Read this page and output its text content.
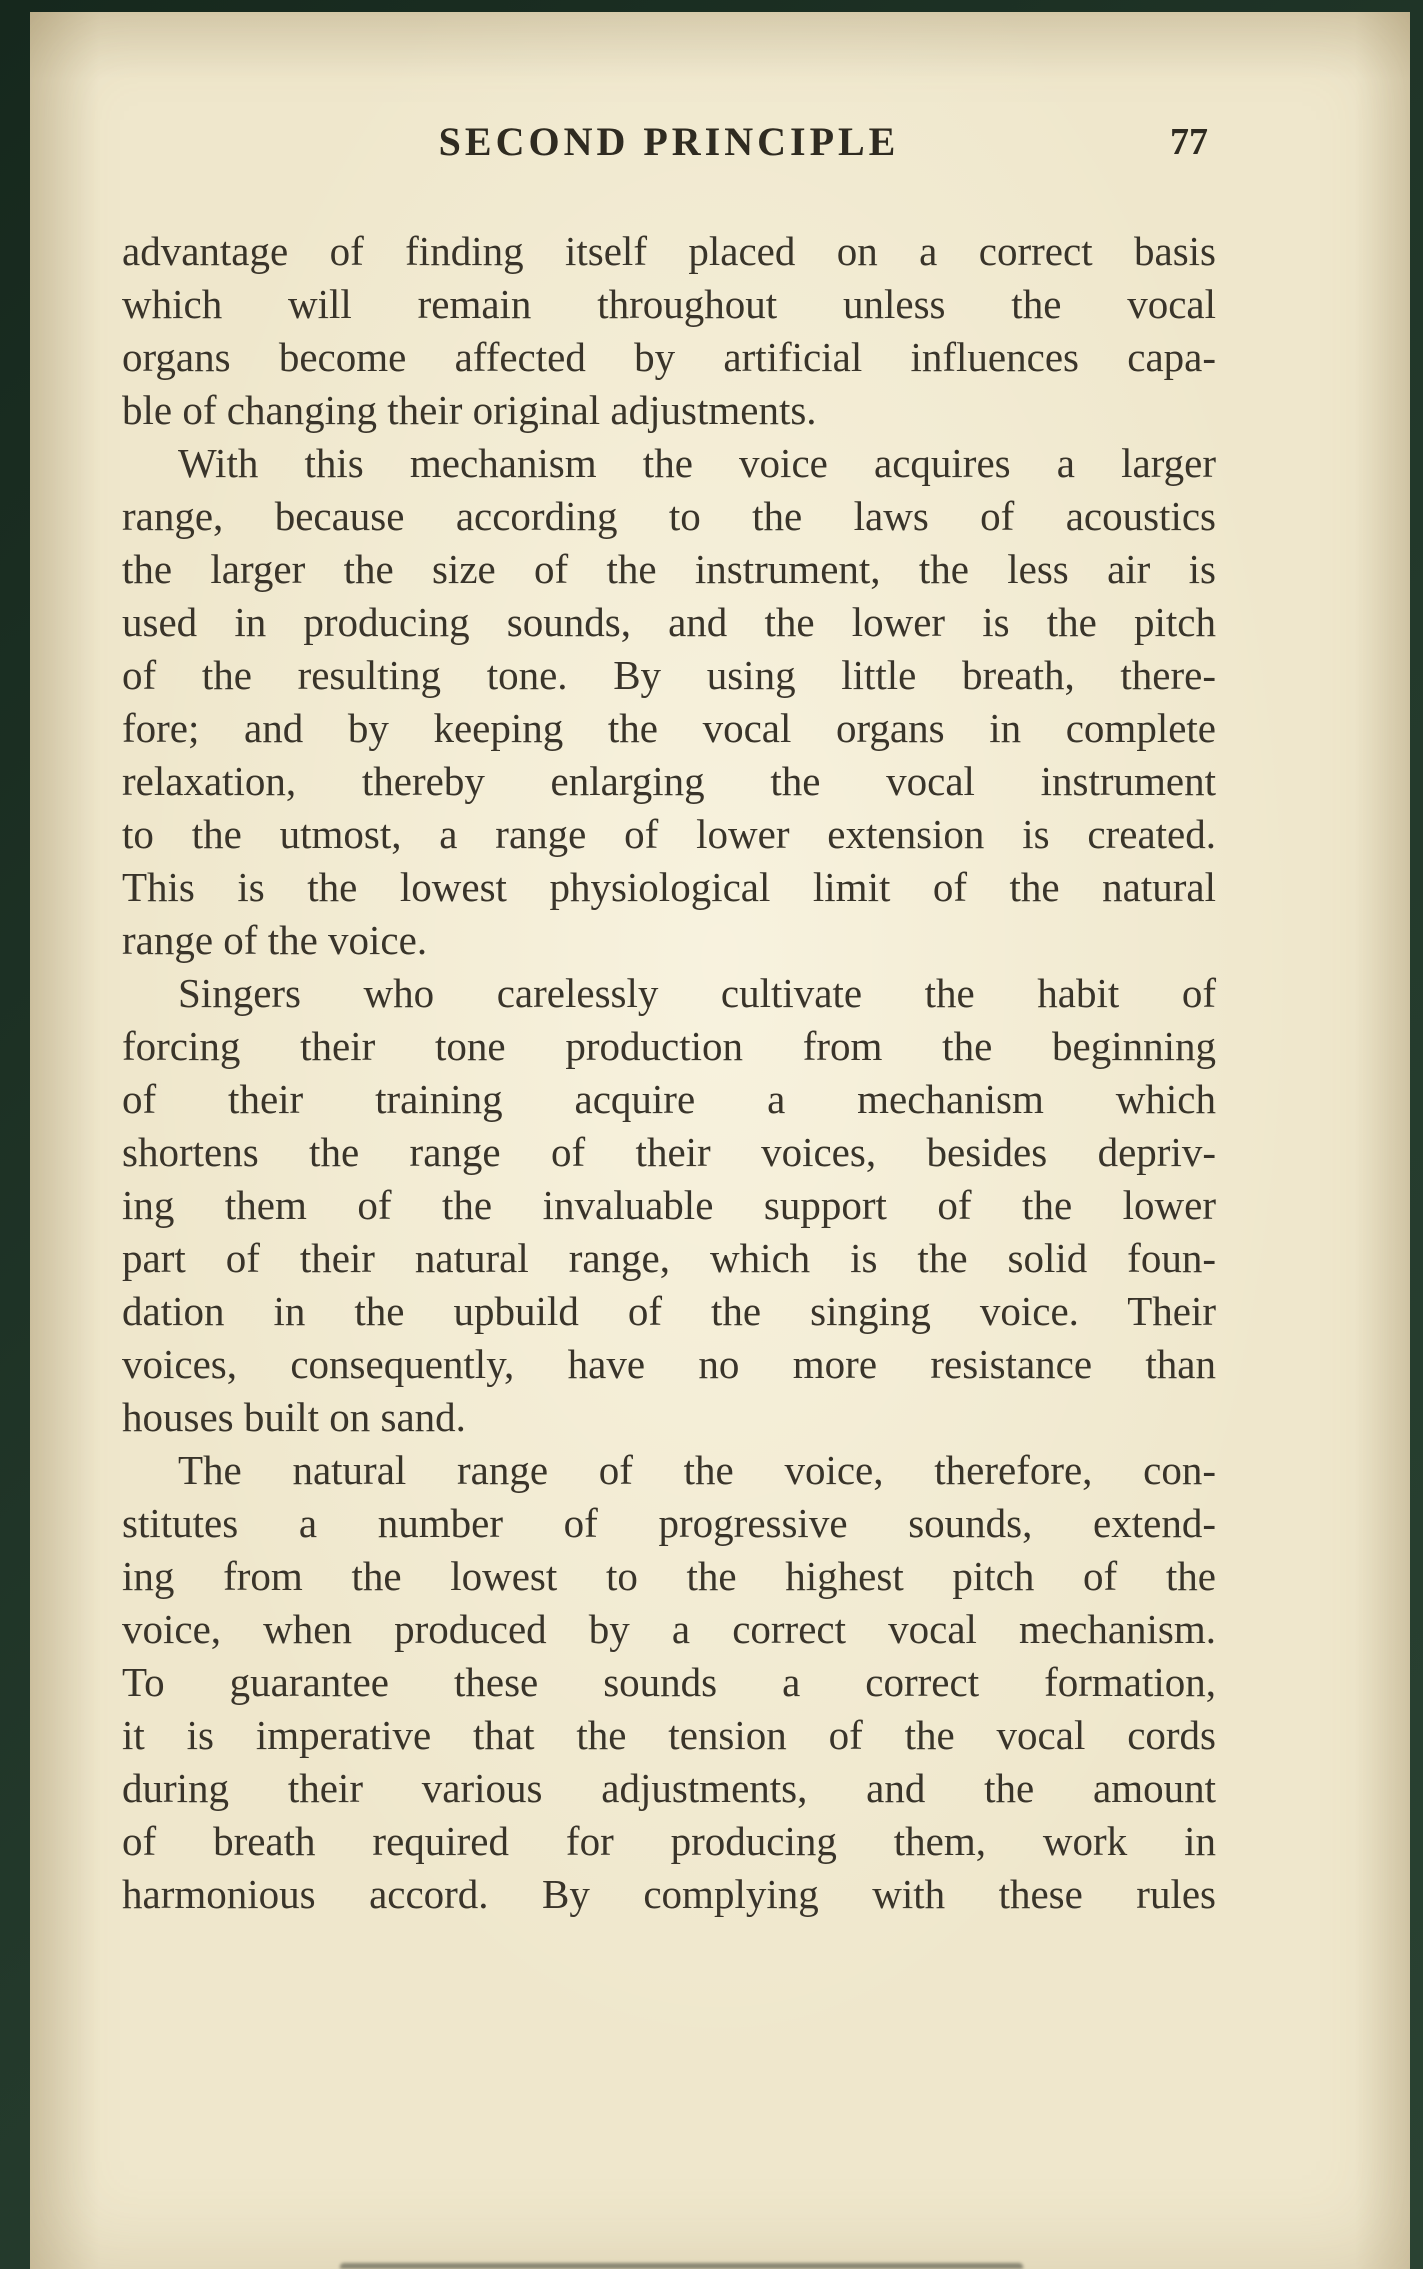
SECOND PRINCIPLE	77
advantage of finding itself placed on a correct basis
which will remain throughout unless the vocal
organs become affected by artificial influences capa-
ble of changing their original adjustments.
With this mechanism the voice acquires a larger
range, because according to the laws of acoustics
the larger the size of the instrument, the less air is
used in producing sounds, and the lower is the pitch
of the resulting tone. By using little breath, there-
fore; and by keeping the vocal organs in complete
relaxation, thereby enlarging the vocal instrument
to the utmost, a range of lower extension is created.
This is the lowest physiological limit of the natural
range of the voice.
Singers who carelessly cultivate the habit of
forcing their tone production from the beginning
of their training acquire a mechanism which
shortens the range of their voices, besides depriv-
ing them of the invaluable support of the lower
part of their natural range, which is the solid foun-
dation in the upbuild of the singing voice. Their
voices, consequently, have no more resistance than
houses built on sand.
The natural range of the voice, therefore, con-
stitutes a number of progressive sounds, extend-
ing from the lowest to the highest pitch of the
voice, when produced by a correct vocal mechanism.
To guarantee these sounds a correct formation,
it is imperative that the tension of the vocal cords
during their various adjustments, and the amount
of breath required for producing them, work in
harmonious accord. By complying with these rules
